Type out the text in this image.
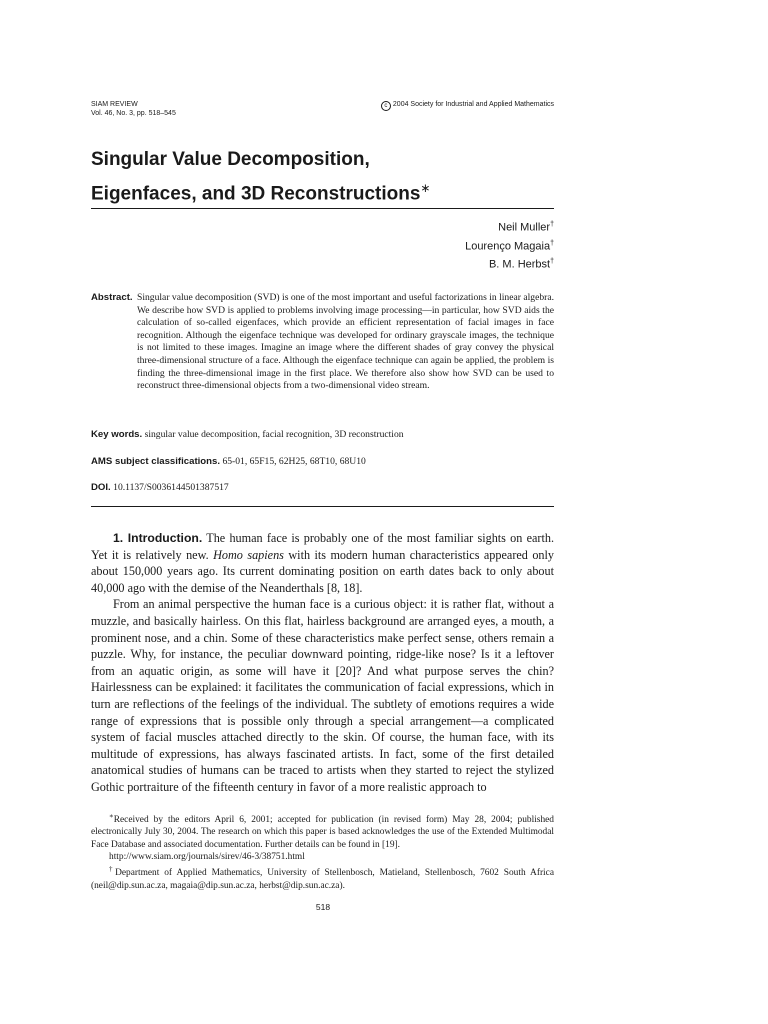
SIAM REVIEW
Vol. 46, No. 3, pp. 518–545
c 2004 Society for Industrial and Applied Mathematics
Singular Value Decomposition,
Eigenfaces, and 3D Reconstructions∗
Neil Muller†
Lourenço Magaia†
B. M. Herbst†
Abstract. Singular value decomposition (SVD) is one of the most important and useful factorizations in linear algebra. We describe how SVD is applied to problems involving image processing—in particular, how SVD aids the calculation of so-called eigenfaces, which provide an efficient representation of facial images in face recognition. Although the eigenface technique was developed for ordinary grayscale images, the technique is not limited to these images. Imagine an image where the different shades of gray convey the physical three-dimensional structure of a face. Although the eigenface technique can again be applied, the problem is finding the three-dimensional image in the first place. We therefore also show how SVD can be used to reconstruct three-dimensional objects from a two-dimensional video stream.
Key words. singular value decomposition, facial recognition, 3D reconstruction
AMS subject classifications. 65-01, 65F15, 62H25, 68T10, 68U10
DOI. 10.1137/S0036144501387517

1. Introduction. The human face is probably one of the most familiar sights on earth. Yet it is relatively new. Homo sapiens with its modern human characteristics appeared only about 150,000 years ago. Its current dominating position on earth dates back to only about 40,000 ago with the demise of the Neanderthals [8, 18].

From an animal perspective the human face is a curious object: it is rather flat, without a muzzle, and basically hairless. On this flat, hairless background are arranged eyes, a mouth, a prominent nose, and a chin. Some of these characteristics make perfect sense, others remain a puzzle. Why, for instance, the peculiar downward pointing, ridge-like nose? Is it a leftover from an aquatic origin, as some will have it [20]? And what purpose serves the chin? Hairlessness can be explained: it facilitates the communication of facial expressions, which in turn are reflections of the feelings of the individual. The subtlety of emotions requires a wide range of expressions that is possible only through a special arrangement—a complicated system of facial muscles attached directly to the skin. Of course, the human face, with its multitude of expressions, has always fascinated artists. In fact, some of the first detailed anatomical studies of humans can be traced to artists when they started to reject the stylized Gothic portraiture of the fifteenth century in favor of a more realistic approach to

∗Received by the editors April 6, 2001; accepted for publication (in revised form) May 28, 2004; published electronically July 30, 2004. The research on which this paper is based acknowledges the use of the Extended Multimodal Face Database and associated documentation. Further details can be found in [19].

http://www.siam.org/journals/sirev/46-3/38751.html

†Department of Applied Mathematics, University of Stellenbosch, Matieland, Stellenbosch, 7602 South Africa (neil@dip.sun.ac.za, magaia@dip.sun.ac.za, herbst@dip.sun.ac.za).

518
